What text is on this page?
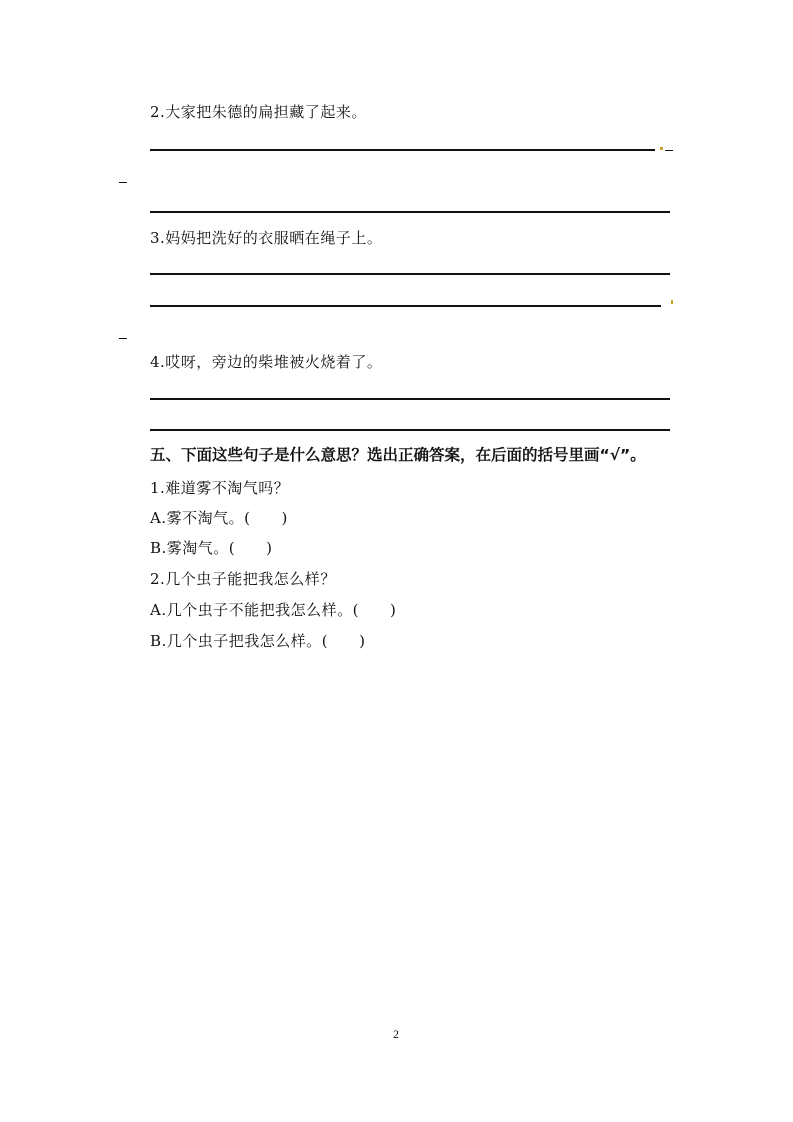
2.大家把朱德的扁担藏了起来。
3.妈妈把洗好的衣服晒在绳子上。
4.哎呀，旁边的柴堆被火烧着了。
五、下面这些句子是什么意思？选出正确答案，在后面的括号里画“√”。
1.难道雾不淘气吗？
A.雾不淘气。(　　)
B.雾淘气。(　　)
2.几个虫子能把我怎么样？
A.几个虫子不能把我怎么样。(　　)
B.几个虫子把我怎么样。(　　)
2
